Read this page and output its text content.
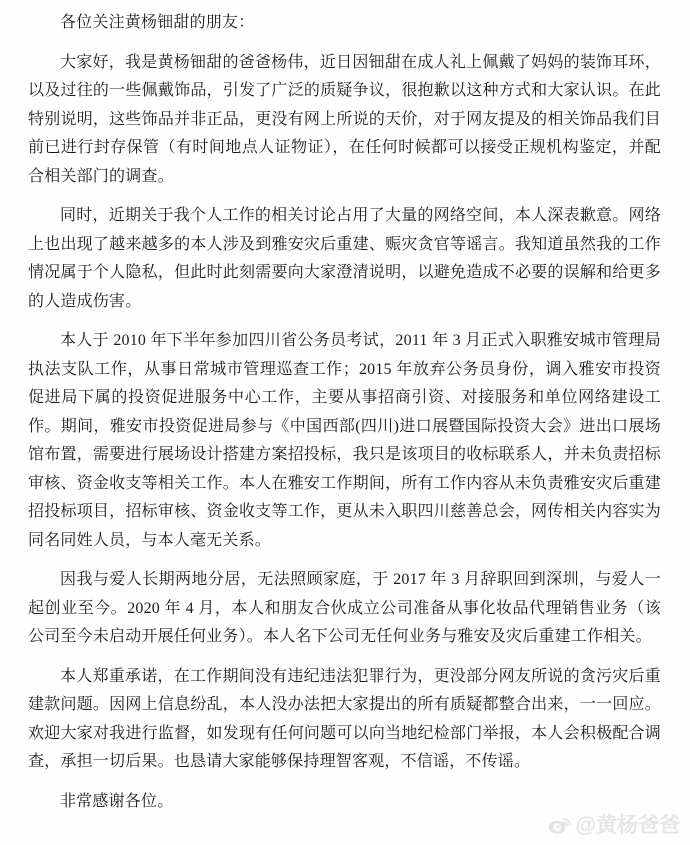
各位关注黄杨钿甜的朋友：

大家好，我是黄杨钿甜的爸爸杨伟，近日因钿甜在成人礼上佩戴了妈妈的装饰耳环，以及过往的一些佩戴饰品，引发了广泛的质疑争议，很抱歉以这种方式和大家认识。在此特别说明，这些饰品并非正品，更没有网上所说的天价，对于网友提及的相关饰品我们目前已进行封存保管（有时间地点人证物证），在任何时候都可以接受正规机构鉴定，并配合相关部门的调查。

同时，近期关于我个人工作的相关讨论占用了大量的网络空间，本人深表歉意。网络上也出现了越来越多的本人涉及到雅安灾后重建、赈灾贪官等谣言。我知道虽然我的工作情况属于个人隐私，但此时此刻需要向大家澄清说明，以避免造成不必要的误解和给更多的人造成伤害。

本人于 2010 年下半年参加四川省公务员考试，2011 年 3 月正式入职雅安城市管理局执法支队工作，从事日常城市管理巡查工作；2015 年放弃公务员身份，调入雅安市投资促进局下属的投资促进服务中心工作，主要从事招商引资、对接服务和单位网络建设工作。期间，雅安市投资促进局参与《中国西部(四川)进口展暨国际投资大会》进出口展场馆布置，需要进行展场设计搭建方案招投标，我只是该项目的收标联系人，并未负责招标审核、资金收支等相关工作。本人在雅安工作期间，所有工作内容从未负责雅安灾后重建招投标项目，招标审核、资金收支等工作，更从未入职四川慈善总会，网传相关内容实为同名同姓人员，与本人毫无关系。

因我与爱人长期两地分居，无法照顾家庭，于 2017 年 3 月辞职回到深圳，与爱人一起创业至今。2020 年 4 月，本人和朋友合伙成立公司准备从事化妆品代理销售业务（该公司至今未启动开展任何业务）。本人名下公司无任何业务与雅安及灾后重建工作相关。

本人郑重承诺，在工作期间没有违纪违法犯罪行为，更没部分网友所说的贪污灾后重建款问题。因网上信息纷乱，本人没办法把大家提出的所有质疑都整合出来，一一回应。欢迎大家对我进行监督，如发现有任何问题可以向当地纪检部门举报，本人会积极配合调查，承担一切后果。也恳请大家能够保持理智客观，不信谣，不传谣。

非常感谢各位。

@黄杨爸爸
